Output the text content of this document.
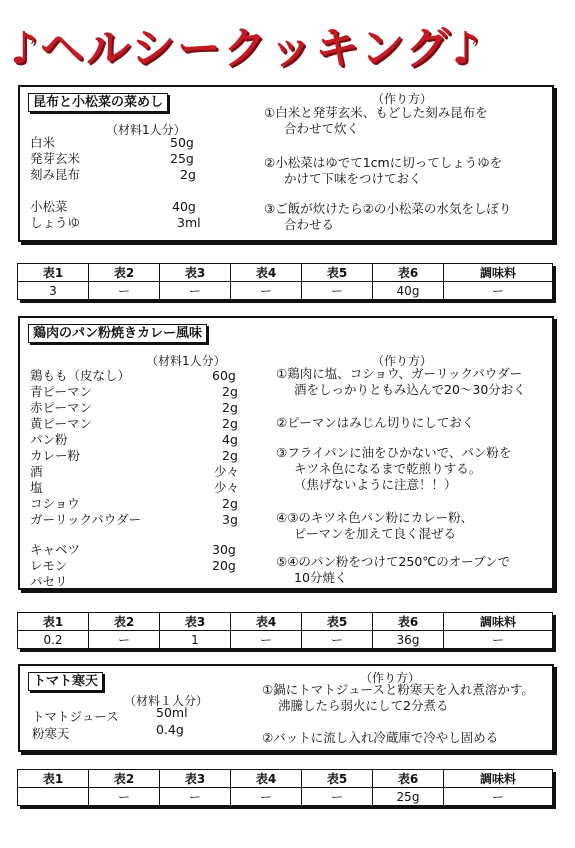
♪ヘルシークッキング♪
昆布と小松菜の菜めし
（材料1人分）
（作り方）
白米	50g
発芽玄米	25g
刻み昆布	2g
小松菜	40g
しょうゆ	3ml
①白米と発芽玄米、もどした刻み昆布を
合わせて炊く
②小松菜はゆでて1cmに切ってしょうゆを
かけて下味をつけておく
③ご飯が炊けたら②の小松菜の水気をしぼり
合わせる
表1	表2	表3	表4	表5	表6	調味料
3	ー	ー	ー	ー	40g	ー
鶏肉のパン粉焼きカレー風味
（材料1人分）	（作り方）
鶏もも（皮なし）	60g
青ピーマン	2g
赤ピーマン	2g
黄ピーマン	2g
パン粉	4g
カレー粉	2g
酒	少々
塩	少々
コショウ	2g
ガーリックパウダー	3g
キャベツ	30g
レモン	20g
パセリ
①鶏肉に塩、コショウ、ガーリックパウダー
酒をしっかりともみ込んで20～30分おく
②ピーマンはみじん切りにしておく
③フライパンに油をひかないで、パン粉を
キツネ色になるまで乾煎りする。
（焦げないように注意！！）
④③のキツネ色パン粉にカレー粉、
ピーマンを加えて良く混ぜる
⑤④のパン粉をつけて250℃のオーブンで
10分焼く
表1	表2	表3	表4	表5	表6	調味料
0.2	ー	1	ー	ー	36g	ー
トマト寒天
（材料１人分）
（作り方）
トマトジュース	50ml
粉寒天	0.4g
①鍋にトマトジュースと粉寒天を入れ煮溶かす。
沸騰したら弱火にして2分煮る
②バットに流し入れ冷蔵庫で冷やし固める
表1	表2	表3	表4	表5	表6	調味料
	ー	ー	ー	ー	25g	ー
